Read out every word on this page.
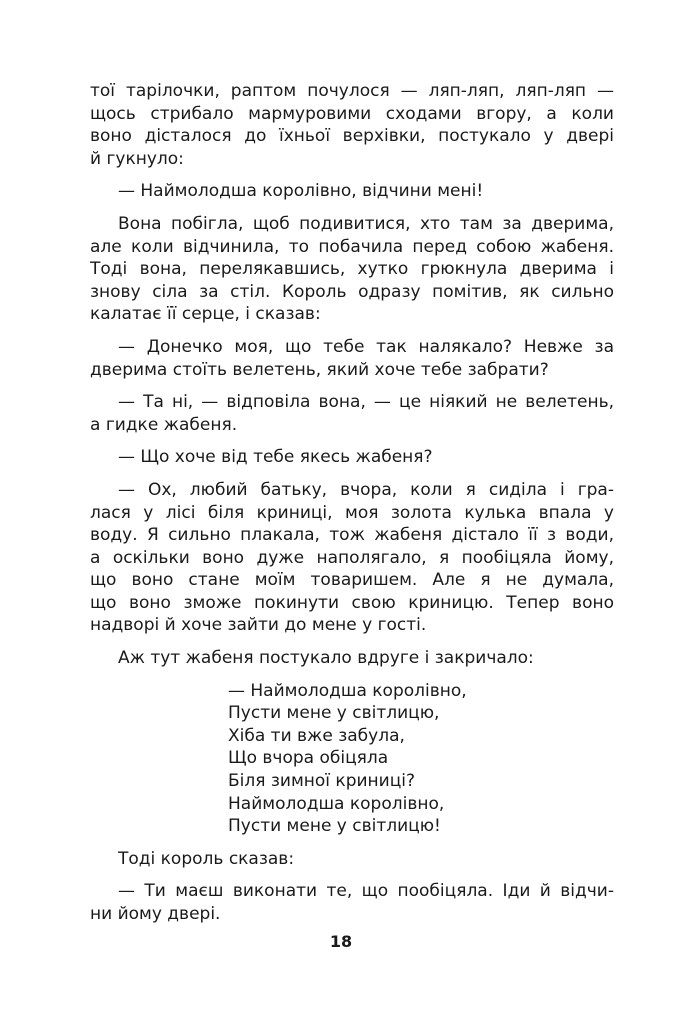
тої тарілочки, раптом почулося — ляп-ляп, ляп-ляп —
щось стрибало мармуровими сходами вгору, а коли
воно дісталося до їхньої верхівки, постукало у двері
й гукнуло:
— Наймолодша королівно, відчини мені!
Вона побігла, щоб подивитися, хто там за дверима,
але коли відчинила, то побачила перед собою жабеня.
Тоді вона, перелякавшись, хутко грюкнула дверима і
знову сіла за стіл. Король одразу помітив, як сильно
калатає її серце, і сказав:
— Донечко моя, що тебе так налякало? Невже за
дверима стоїть велетень, який хоче тебе забрати?
— Та ні, — відповіла вона, — це ніякий не велетень,
а гидке жабеня.
— Що хоче від тебе якесь жабеня?
— Ох, любий батьку, вчора, коли я сиділа і гра-
лася у лісі біля криниці, моя золота кулька впала у
воду. Я сильно плакала, тож жабеня дістало її з води,
а оскільки воно дуже наполягало, я пообіцяла йому,
що воно стане моїм товаришем. Але я не думала,
що воно зможе покинути свою криницю. Тепер воно
надворі й хоче зайти до мене у гості.
Аж тут жабеня постукало вдруге і закричало:
— Наймолодша королівно,
Пусти мене у світлицю,
Хіба ти вже забула,
Що вчора обіцяла
Біля зимної криниці?
Наймолодша королівно,
Пусти мене у світлицю!
Тоді король сказав:
— Ти маєш виконати те, що пообіцяла. Іди й відчи-
ни йому двері.
18
